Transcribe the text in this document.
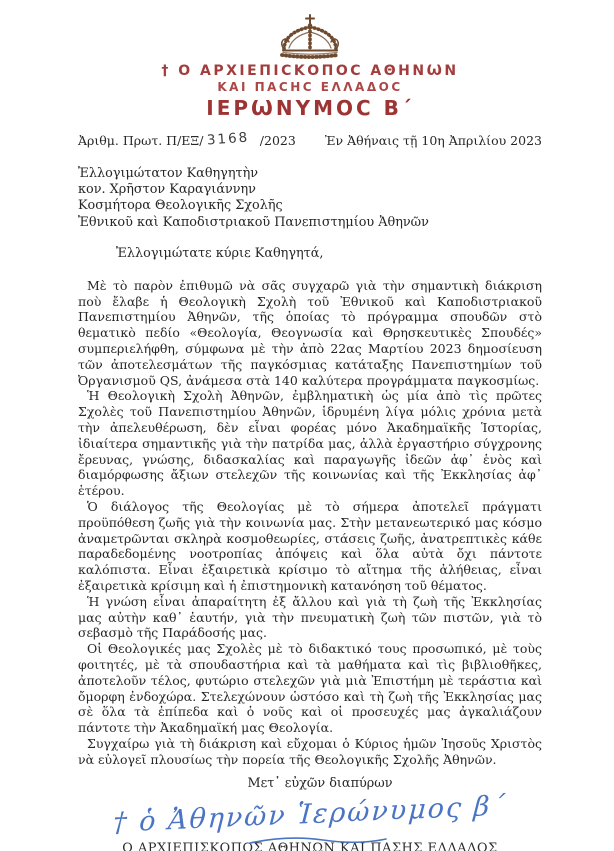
† Ο ΑΡΧΙΕΠΙϹΚΟΠΟϹ ΑΘΗΝѠΝ
ΚΑΙ ΠΑϹΗϹ ΕΛΛΑΔΟϹ
ΙΕΡѠΝΥΜΟϹ Β΄
Ἀριθμ. Πρωτ. Π/ΕΞ/ 3168 /2023 Ἐν Ἀθήναις τῇ 10η Ἀπριλίου 2023
Ἐλλογιμώτατον Καθηγητὴν
κον. Χρῆστον Καραγιάννην
Κοσμήτορα Θεολογικῆς Σχολῆς
Ἐθνικοῦ καὶ Καποδιστριακοῦ Πανεπιστημίου Ἀθηνῶν
Ἐλλογιμώτατε κύριε Καθηγητά,

Μὲ τὸ παρὸν ἐπιθυμῶ νὰ σᾶς συγχαρῶ γιὰ τὴν σημαντικὴ διάκριση ποὺ ἔλαβε ἡ Θεολογικὴ Σχολὴ τοῦ Ἐθνικοῦ καὶ Καποδιστριακοῦ Πανεπιστημίου Ἀθηνῶν, τῆς ὁποίας τὸ πρόγραμμα σπουδῶν στὸ θεματικὸ πεδίο «Θεολογία, Θεογνωσία καὶ Θρησκευτικὲς Σπουδές» συμπεριελήφθη, σύμφωνα μὲ τὴν ἀπὸ 22ας Μαρτίου 2023 δημοσίευση τῶν ἀποτελεσμάτων τῆς παγκόσμιας κατάταξης Πανεπιστημίων τοῦ Ὀργανισμοῦ QS, ἀνάμεσα στὰ 140 καλύτερα προγράμματα παγκοσμίως.

Ἡ Θεολογικὴ Σχολὴ Ἀθηνῶν, ἐμβληματικὴ ὡς μία ἀπὸ τὶς πρῶτες Σχολὲς τοῦ Πανεπιστημίου Ἀθηνῶν, ἱδρυμένη λίγα μόλις χρόνια μετὰ τὴν ἀπελευθέρωση, δὲν εἶναι φορέας μόνο Ἀκαδημαϊκῆς Ἱστορίας, ἰδιαίτερα σημαντικῆς γιὰ τὴν πατρίδα μας, ἀλλὰ ἐργαστήριο σύγχρονης ἔρευνας, γνώσης, διδασκαλίας καὶ παραγωγῆς ἰδεῶν ἀφ᾽ ἑνὸς καὶ διαμόρφωσης ἄξιων στελεχῶν τῆς κοινωνίας καὶ τῆς Ἐκκλησίας ἀφ᾽ ἑτέρου.

Ὁ διάλογος τῆς Θεολογίας μὲ τὸ σήμερα ἀποτελεῖ πράγματι προϋπόθεση ζωῆς γιὰ τὴν κοινωνία μας. Στὴν μετανεωτερικό μας κόσμο ἀναμετρῶνται σκληρὰ κοσμοθεωρίες, στάσεις ζωῆς, ἀνατρεπτικὲς κάθε παραδεδομένης νοοτροπίας ἀπόψεις καὶ ὅλα αὐτὰ ὄχι πάντοτε καλόπιστα. Εἶναι ἐξαιρετικὰ κρίσιμο τὸ αἴτημα τῆς ἀλήθειας, εἶναι ἐξαιρετικὰ κρίσιμη καὶ ἡ ἐπιστημονικὴ κατανόηση τοῦ θέματος.

Ἡ γνώση εἶναι ἀπαραίτητη ἐξ ἄλλου καὶ γιὰ τὴ ζωὴ τῆς Ἐκκλησίας μας αὐτὴν καθ᾽ ἑαυτήν, γιὰ τὴν πνευματικὴ ζωὴ τῶν πιστῶν, γιὰ τὸ σεβασμὸ τῆς Παράδοσής μας.

Οἱ Θεολογικές μας Σχολὲς μὲ τὸ διδακτικό τους προσωπικό, μὲ τοὺς φοιτητές, μὲ τὰ σπουδαστήρια καὶ τὰ μαθήματα καὶ τὶς βιβλιοθῆκες, ἀποτελοῦν τέλος, φυτώριο στελεχῶν γιὰ μιὰ Ἐπιστήμη μὲ τεράστια καὶ ὄμορφη ἐνδοχώρα. Στελεχώνουν ὡστόσο καὶ τὴ ζωὴ τῆς Ἐκκλησίας μας σὲ ὅλα τὰ ἐπίπεδα καὶ ὁ νοῦς καὶ οἱ προσευχές μας ἀγκαλιάζουν πάντοτε τὴν Ἀκαδημαϊκή μας Θεολογία.

Συγχαίρω γιὰ τὴ διάκριση καὶ εὔχομαι ὁ Κύριος ἡμῶν Ἰησοῦς Χριστὸς νὰ εὐλογεῖ πλουσίως τὴν πορεία τῆς Θεολογικῆς Σχολῆς Ἀθηνῶν.

Μετ᾽ εὐχῶν διαπύρων
† ὁ Ἀθηνῶν Ἱερώνυμος β΄
Ο ΑΡΧΙΕΠΙΣΚΟΠΟΣ ΑΘΗΝΩΝ ΚΑΙ ΠΑΣΗΣ ΕΛΛΑΔΟΣ
